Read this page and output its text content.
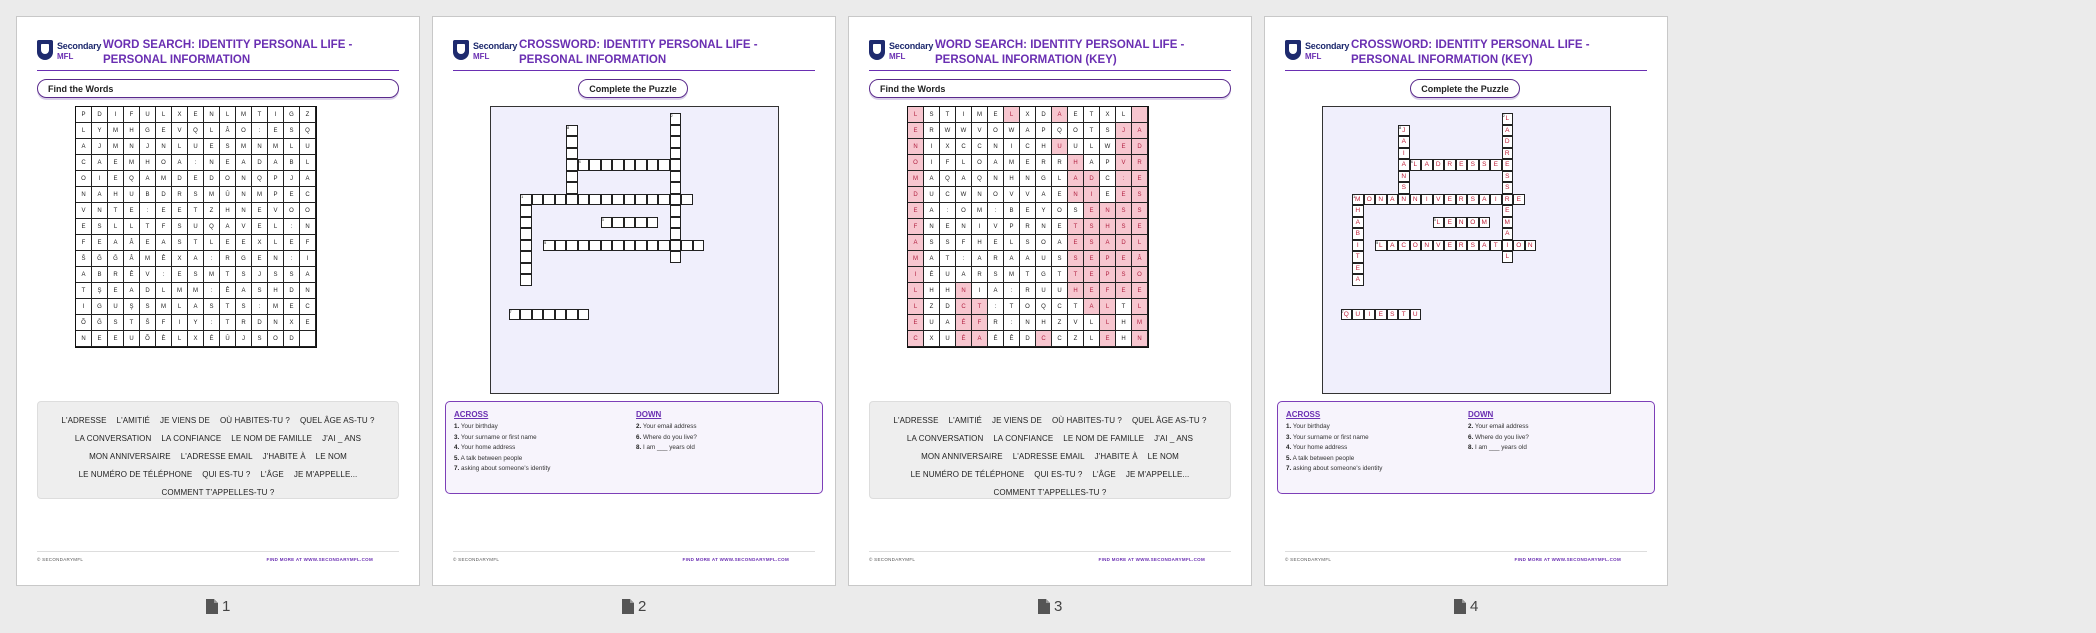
Secondary
MFL
WORD SEARCH: IDENTITY PERSONAL LIFE - PERSONAL INFORMATION
Find the Words
P	D	I	F	U	L	X	E	N	L	M	T	I	G	Z
L	Y	M	H	G	E	V	Q	L	Â	O	:	E	S	Q
A	J	M	N	J	N	L	U	E	S	M	N	M	L	U
C	A	E	M	H	O	A	:	N	E	A	D	A	B	L
O	I	E	Q	A	M	D	E	D	O	N	Q	P	J	A
N	A	H	U	B	D	R	S	M	Û	N	M	P	E	C
V	N	T	E	:	E	E	T	Z	H	N	E	V	O	O
E	S	L	L	T	F	S	U	Q	A	V	E	L	:	N
F	E	A	Â	E	A	S	T	L	E	E	X	L	E	F
Š	Ğ	Ğ	Â	M	Ê	X	A	:	R	G	E	N	:	I
A	B	R	Ê	V	:	E	S	M	T	S	J	S	S	A
T	Ş	E	A	D	L	M	M	:	Ê	A	S	H	D	N
I	G	U	Ş	S	M	L	A	S	T	S	:	M	E	C
Õ	Ğ	S	T	Š	F	I	Y	:	T	R	D	N	X	E
N	E	E	U	Õ	È	L	X	É	Û	J	S	O	D
L'ADRESSE L'AMITIÉ JE VIENS DE OÙ HABITES-TU ? QUEL ÂGE AS-TU ?LA CONVERSATION LA CONFIANCE LE NOM DE FAMILLE J'AI _ ANSMON ANNIVERSAIRE L'ADRESSE EMAIL J'HABITE À LE NOMLE NUMÉRO DE TÉLÉPHONE QUI ES-TU ? L'ÂGE JE M'APPELLE...COMMENT T'APPELLES-TU ?
© SECONDARYMFL	FIND MORE AT WWW.SECONDARYMFL.COM
1
Secondary
MFL
CROSSWORD: IDENTITY PERSONAL LIFE - PERSONAL INFORMATION
Complete the Puzzle
1
3
4
5
7
2
8
ACROSS
1. Your birthday
3. Your surname or first name
4. Your home address
5. A talk between people
7. asking about someone's identity
DOWN
2. Your email address
6. Where do you live?
8. I am ___ years old
© SECONDARYMFL	FIND MORE AT WWW.SECONDARYMFL.COM
2
Secondary
MFL
WORD SEARCH: IDENTITY PERSONAL LIFE - PERSONAL INFORMATION (KEY)
Find the Words
L	S	T	I	M	E	L	X	D	A	E	T	X	L
E	R	W	W	V	O	W	A	P	Q	O	T	S	J	A
N	I	X	C	C	N	I	C	H	U	U	L	W	E	D
O	I	F	L	O	A	M	E	R	R	H	A	P	V	R
M	A	Q	A	Q	N	H	N	G	L	A	D	C	:	E
D	U	C	W	N	O	V	V	A	E	N	I	E	E	S
E	A	:	O	M	:	B	E	Y	O	S	E	N	S	S
F	N	E	N	I	V	P	R	N	E	T	S	H	S	E
A	S	S	F	H	E	L	S	O	A	E	S	A	D	L
M	A	T	:	A	R	A	A	U	S	S	E	P	E	Â
I	É	U	A	R	S	M	T	G	T	T	E	P	S	O
L	H	H	N	I	A	:	R	U	U	H	E	F	E	E
L	Z	D	C	T	:	T	O	Q	C	T	A	L	T	L
E	U	A	É	F	R	:	N	H	Z	V	L	L	H	M
C	X	U	É	A	É	Ê	D	C	C	Z	L	E	H	N
L'ADRESSE L'AMITIÉ JE VIENS DE OÙ HABITES-TU ? QUEL ÂGE AS-TU ?LA CONVERSATION LA CONFIANCE LE NOM DE FAMILLE J'AI _ ANSMON ANNIVERSAIRE L'ADRESSE EMAIL J'HABITE À LE NOMLE NUMÉRO DE TÉLÉPHONE QUI ES-TU ? L'ÂGE JE M'APPELLE...COMMENT T'APPELLES-TU ?
© SECONDARYMFL	FIND MORE AT WWW.SECONDARYMFL.COM
3
Secondary
MFL
CROSSWORD: IDENTITY PERSONAL LIFE - PERSONAL INFORMATION (KEY)
Complete the Puzzle
M
1	O	N	A	N	N	I	V	E	R	S	A	I	R	E
L
3	E	N	O M
L
4	A	D	R	E	S	S	E
L
5	A	C	O	N	V	E	R	S	A	T	I	O	N
Q
7	U	I	E	S	T	U
L
2
A
D
R
E
S
S
E
M
A
L
H
A
B
I
T
E
A
J
8
A
I
A
N
S
ACROSS
1. Your birthday
3. Your surname or first name
4. Your home address
5. A talk between people
7. asking about someone's identity
DOWN
2. Your email address
6. Where do you live?
8. I am ___ years old
© SECONDARYMFL	FIND MORE AT WWW.SECONDARYMFL.COM
4
